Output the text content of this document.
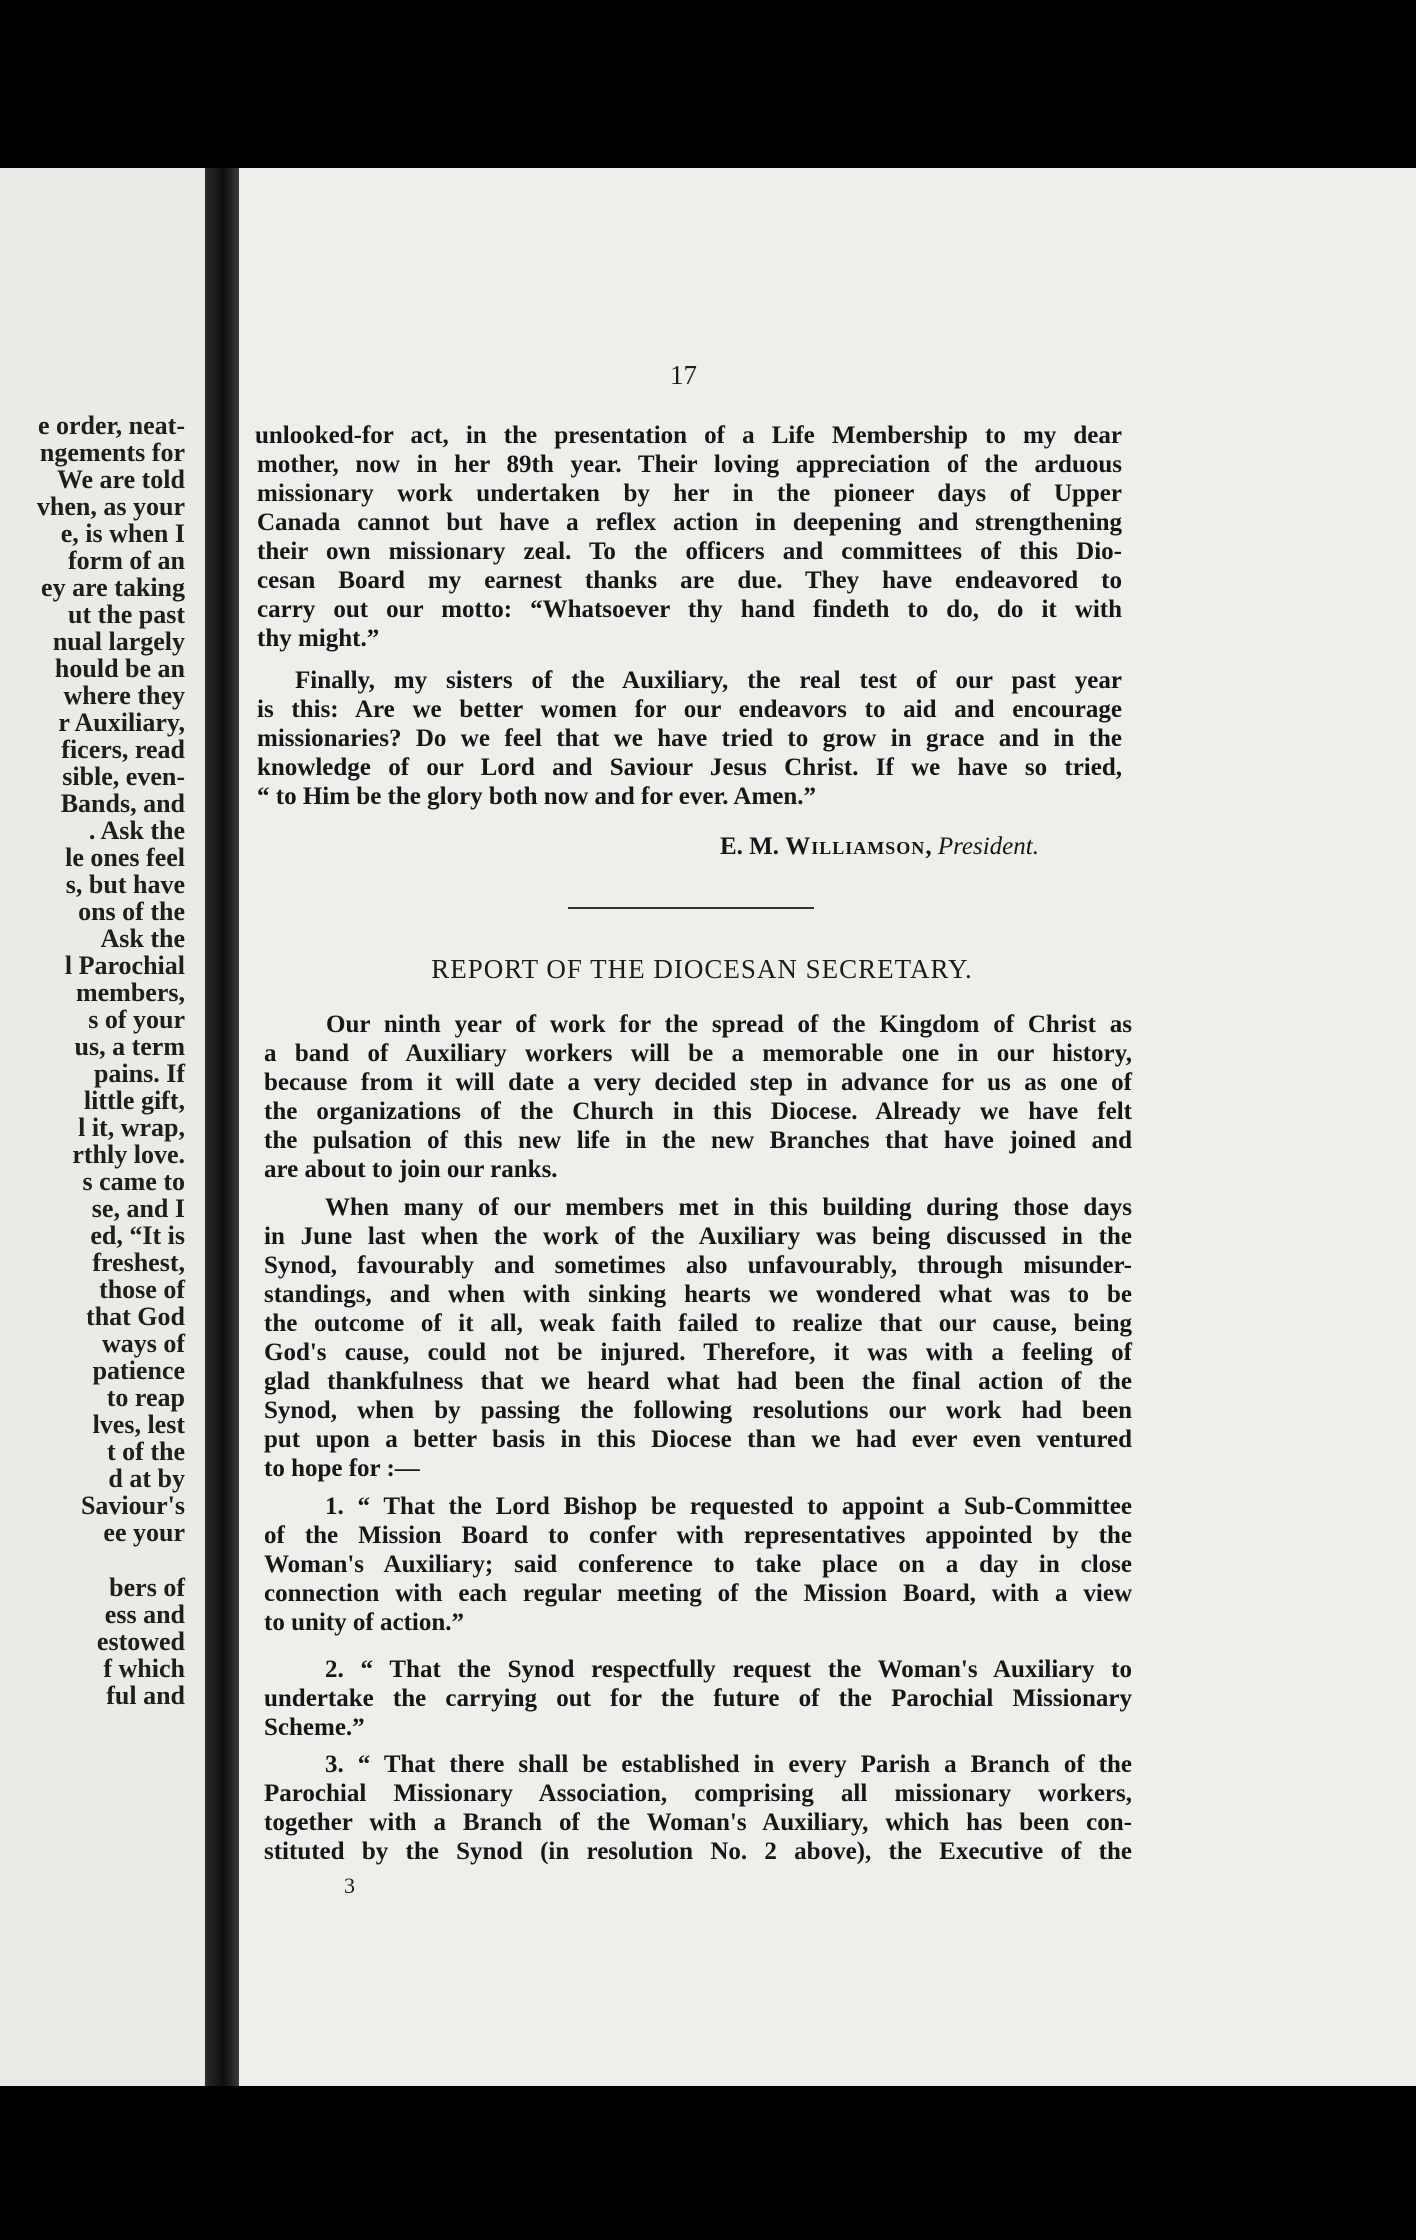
e order, neat-
ngements for
We are told
vhen, as your
e, is when I
form of an
ey are taking
ut the past
nual largely
hould be an
where they
r Auxiliary,
ficers, read
sible, even-
Bands, and
. Ask the
le ones feel
s, but have
ons of the
Ask the
l Parochial
members,
s of your
us, a term
pains. If
little gift,
l it, wrap,
rthly love.
s came to
se, and I
ed, “It is
freshest,
those of
that God
ways of
patience
to reap
lves, lest
t of the
d at by
Saviour's
ee your
bers of
ess and
estowed
f which
ful and
17
unlooked-for act, in the presentation of a Life Membership to my dear
mother, now in her 89th year. Their loving appreciation of the arduous
missionary work undertaken by her in the pioneer days of Upper
Canada cannot but have a reflex action in deepening and strengthening
their own missionary zeal. To the officers and committees of this Dio-
cesan Board my earnest thanks are due. They have endeavored to
carry out our motto: “Whatsoever thy hand findeth to do, do it with
thy might.”
Finally, my sisters of the Auxiliary, the real test of our past year
is this: Are we better women for our endeavors to aid and encourage
missionaries? Do we feel that we have tried to grow in grace and in the
knowledge of our Lord and Saviour Jesus Christ. If we have so tried,
“ to Him be the glory both now and for ever. Amen.”
E. M. Williamson, President.
REPORT OF THE DIOCESAN SECRETARY.
Our ninth year of work for the spread of the Kingdom of Christ as
a band of Auxiliary workers will be a memorable one in our history,
because from it will date a very decided step in advance for us as one of
the organizations of the Church in this Diocese. Already we have felt
the pulsation of this new life in the new Branches that have joined and
are about to join our ranks.
When many of our members met in this building during those days
in June last when the work of the Auxiliary was being discussed in the
Synod, favourably and sometimes also unfavourably, through misunder-
standings, and when with sinking hearts we wondered what was to be
the outcome of it all, weak faith failed to realize that our cause, being
God's cause, could not be injured. Therefore, it was with a feeling of
glad thankfulness that we heard what had been the final action of the
Synod, when by passing the following resolutions our work had been
put upon a better basis in this Diocese than we had ever even ventured
to hope for :—
1. “ That the Lord Bishop be requested to appoint a Sub-Committee
of the Mission Board to confer with representatives appointed by the
Woman's Auxiliary; said conference to take place on a day in close
connection with each regular meeting of the Mission Board, with a view
to unity of action.”
2. “ That the Synod respectfully request the Woman's Auxiliary to
undertake the carrying out for the future of the Parochial Missionary
Scheme.”
3. “ That there shall be established in every Parish a Branch of the
Parochial Missionary Association, comprising all missionary workers,
together with a Branch of the Woman's Auxiliary, which has been con-
stituted by the Synod (in resolution No. 2 above), the Executive of the
3
